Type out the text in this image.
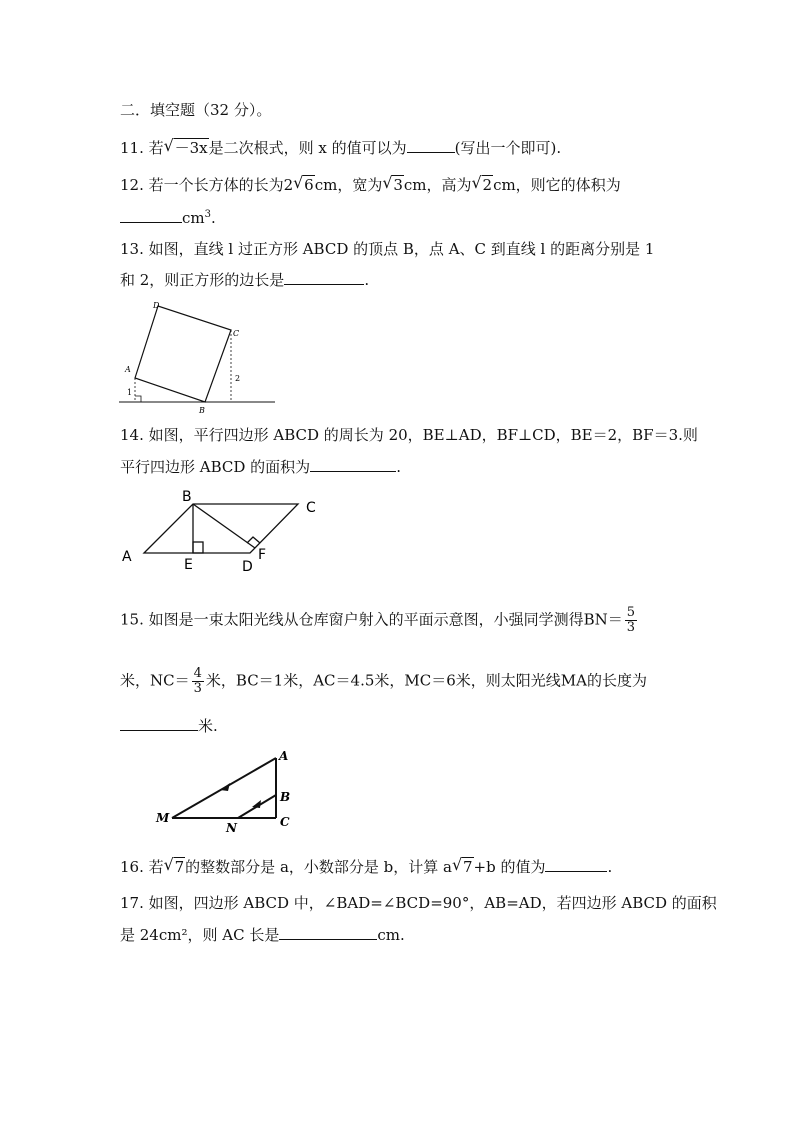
二．填空题（32 分）。
11. 若 √ －3x是二次根式，则 x 的值可以为	(写出一个即可).
12. 若一个长方体的长为2 √ 6cm，宽为 √ 3cm，高为 √ 2cm，则它的体积为
$cm^3$.
13. 如图，直线 l 过正方形 ABCD 的顶点 B，点 A、C 到直线 l 的距离分别是 1
和 2，则正方形的边长是	.
D
C
A
B
1
2
14. 如图，平行四边形 ABCD 的周长为 20，BE⊥AD，BF⊥CD，BE＝2，BF＝3.则
平行四边形 ABCD 的面积为	.
A
B
C
D
E
F
15. 如图是一束太阳光线从仓库窗户射入的平面示意图，小强同学测得$BN= \frac{5}{3}$
米，$NC= \frac{4}{3}$ 米，BC＝1米，AC＝4.5米，MC＝6米，则太阳光线MA的长度为
米.
A
B
C
M
N
16. 若 √ 7的整数部分是 a，小数部分是 b，计算 a √ 7+b 的值为	.
17. 如图，四边形 ABCD 中，∠BAD=∠BCD=90°，AB=AD，若四边形 ABCD 的面积
是 24cm²，则 AC 长是	cm.
